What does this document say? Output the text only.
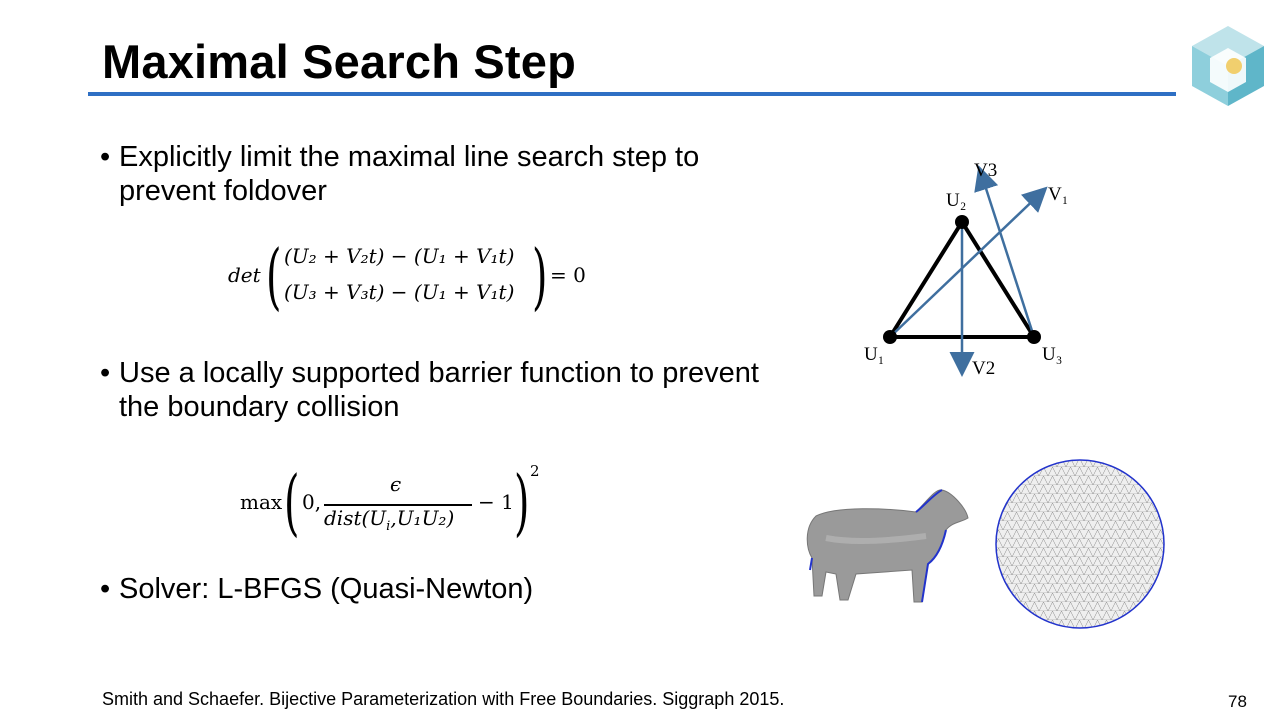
Maximal Search Step
• Explicitly limit the maximal line search step to prevent foldover
det ( (U₂ + V₂t) − (U₁ + V₁t)
(U₃ + V₃t) − (U₁ + V₁t) ) = 0
• Use a locally supported barrier function to prevent the boundary collision
max ( 0,
ϵ
$dist(U_i,U_1U_2)$
− 1 ) 2
• Solver: L-BFGS (Quasi-Newton)
U₁
U₂
U₃
V₁
V2
V3
Smith and Schaefer. Bijective Parameterization with Free Boundaries. Siggraph 2015.	78
